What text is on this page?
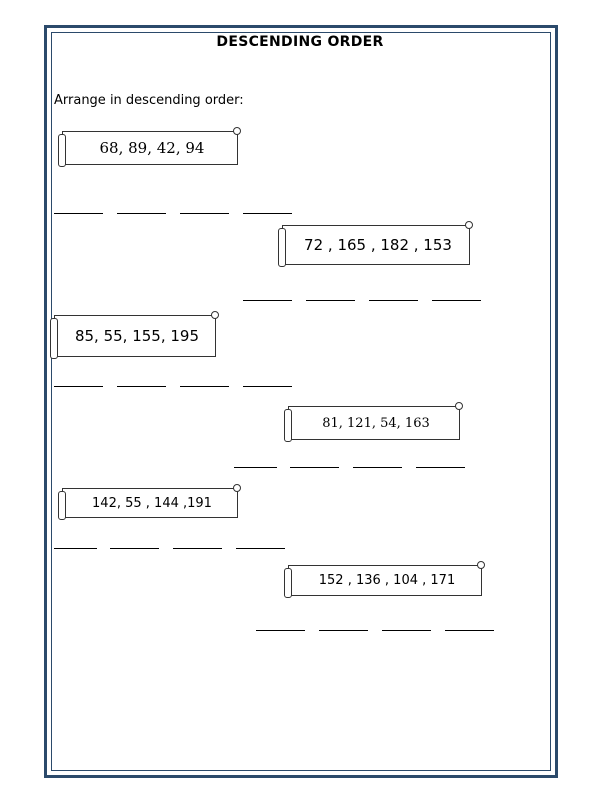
DESCENDING ORDER
Arrange in descending order:
68, 89, 42, 94
72 , 165 , 182 , 153
85, 55, 155, 195
81, 121, 54, 163
142, 55 , 144 ,191
152 , 136 , 104 , 171
